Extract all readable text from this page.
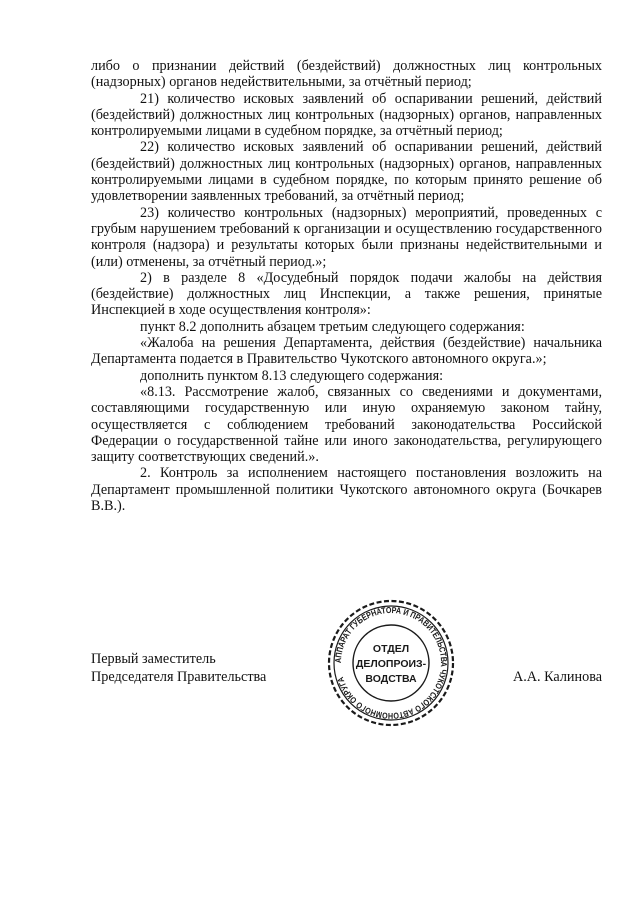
либо о признании действий (бездействий) должностных лиц контрольных (надзорных) органов недействительными, за отчётный период;

21) количество исковых заявлений об оспаривании решений, действий (бездействий) должностных лиц контрольных (надзорных) органов, направленных контролируемыми лицами в судебном порядке, за отчётный период;

22) количество исковых заявлений об оспаривании решений, действий (бездействий) должностных лиц контрольных (надзорных) органов, направленных контролируемыми лицами в судебном порядке, по которым принято решение об удовлетворении заявленных требований, за отчётный период;

23) количество контрольных (надзорных) мероприятий, проведенных с грубым нарушением требований к организации и осуществлению государственного контроля (надзора) и результаты которых были признаны недействительными и (или) отменены, за отчётный период.»;

2) в разделе 8 «Досудебный порядок подачи жалобы на действия (бездействие) должностных лиц Инспекции, а также решения, принятые Инспекцией в ходе осуществления контроля»:

пункт 8.2 дополнить абзацем третьим следующего содержания:

«Жалоба на решения Департамента, действия (бездействие) начальника Департамента подается в Правительство Чукотского автономного округа.»;

дополнить пунктом 8.13 следующего содержания:

«8.13. Рассмотрение жалоб, связанных со сведениями и документами, составляющими государственную или иную охраняемую законом тайну, осуществляется с соблюдением требований законодательства Российской Федерации о государственной тайне или иного законодательства, регулирующего защиту соответствующих сведений.».

2. Контроль за исполнением настоящего постановления возложить на Департамент промышленной политики Чукотского автономного округа (Бочкарев В.В.).

Первый заместитель
Председателя Правительства	А.А. Калинова
АППАРАТ ГУБЕРНАТОРА И ПРАВИТЕЛЬСТВА ЧУКОТСКОГО АВТОНОМНОГО ОКРУГА
ОТДЕЛ
ДЕЛОПРОИЗ-
ВОДСТВА
